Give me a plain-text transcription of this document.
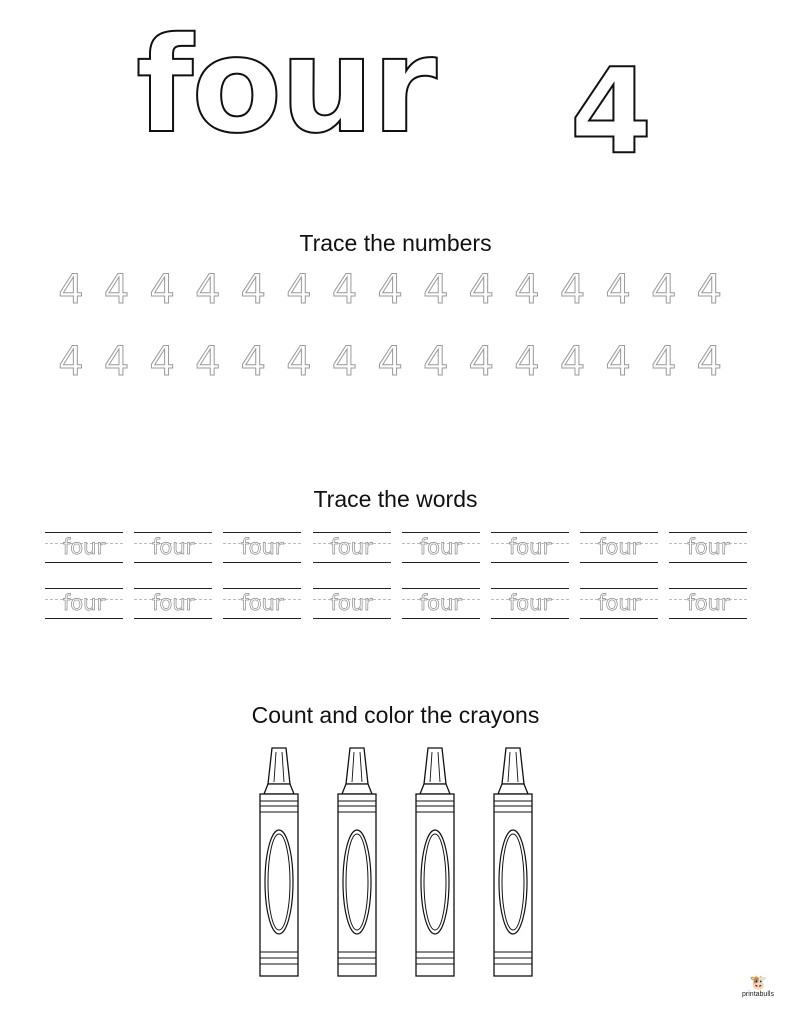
four 4
Trace the numbers
4 4 4 4 4 4 4 4 4 4 4 4 4 4 4
4 4 4 4 4 4 4 4 4 4 4 4 4 4 4
Trace the words
four	four	four	four	four	four	four	four
four	four	four	four	four	four	four	four
Count and color the crayons
🐮
printabulls
